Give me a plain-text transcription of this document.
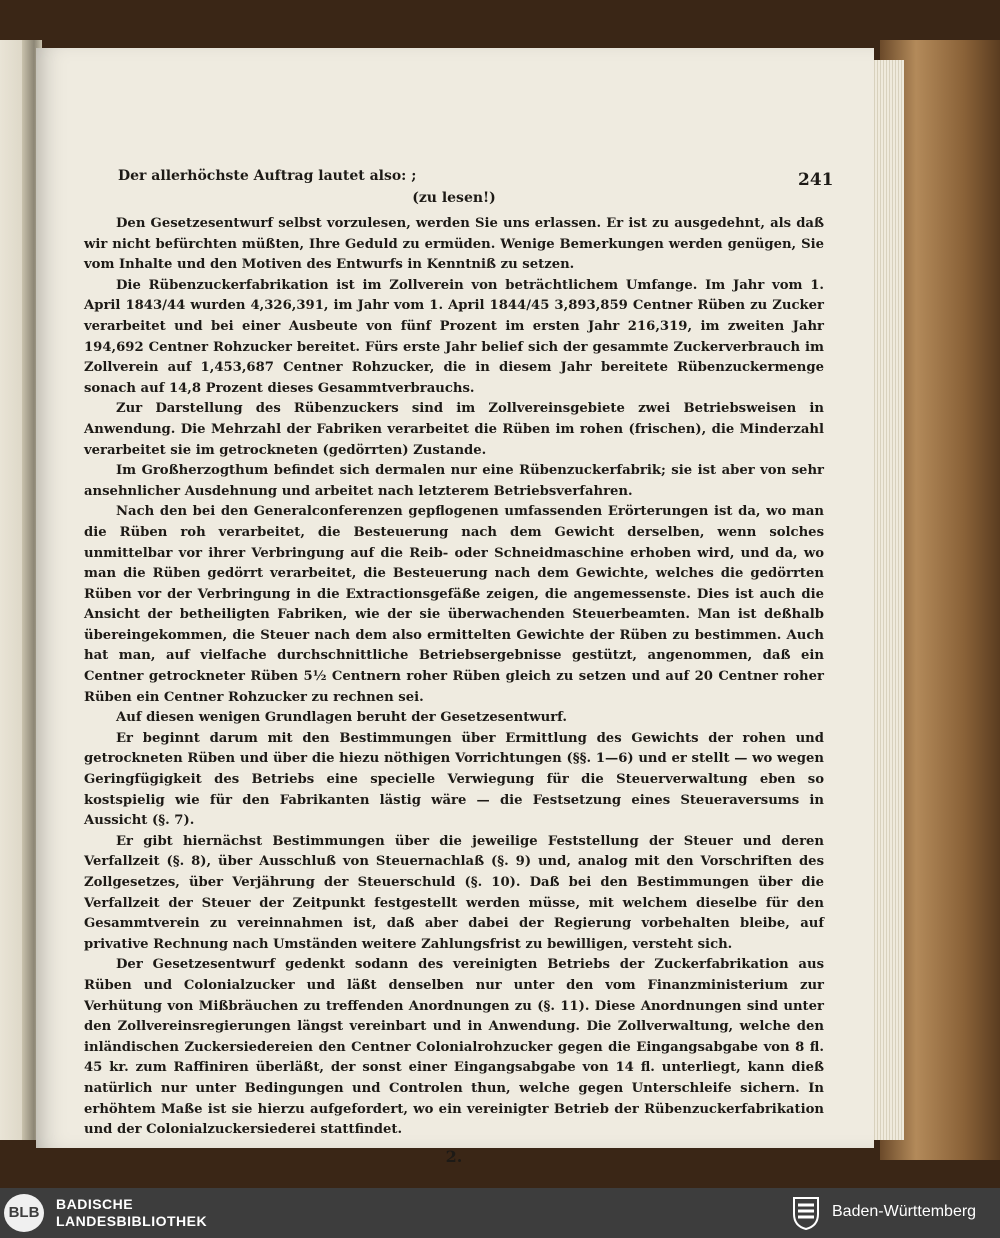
241

Der allerhöchste Auftrag lautet also: ;

(zu lesen!)

Den Gesetzesentwurf selbst vorzulesen, werden Sie uns erlassen. Er ist zu ausgedehnt, als daß wir nicht befürchten müßten, Ihre Geduld zu ermüden. Wenige Bemerkungen werden genügen, Sie vom Inhalte und den Motiven des Entwurfs in Kenntniß zu setzen.

Die Rübenzuckerfabrikation ist im Zollverein von beträchtlichem Umfange. Im Jahr vom 1. April 1843/44 wurden 4,326,391, im Jahr vom 1. April 1844/45 3,893,859 Centner Rüben zu Zucker verarbeitet und bei einer Ausbeute von fünf Prozent im ersten Jahr 216,319, im zweiten Jahr 194,692 Centner Rohzucker bereitet. Fürs erste Jahr belief sich der gesammte Zuckerverbrauch im Zollverein auf 1,453,687 Centner Rohzucker, die in diesem Jahr bereitete Rübenzuckermenge sonach auf 14,8 Prozent dieses Gesammtverbrauchs.

Zur Darstellung des Rübenzuckers sind im Zollvereinsgebiete zwei Betriebsweisen in Anwendung. Die Mehrzahl der Fabriken verarbeitet die Rüben im rohen (frischen), die Minderzahl verarbeitet sie im getrockneten (gedörrten) Zustande.

Im Großherzogthum befindet sich dermalen nur eine Rübenzuckerfabrik; sie ist aber von sehr ansehnlicher Ausdehnung und arbeitet nach letzterem Betriebsverfahren.

Nach den bei den Generalconferenzen gepflogenen umfassenden Erörterungen ist da, wo man die Rüben roh verarbeitet, die Besteuerung nach dem Gewicht derselben, wenn solches unmittelbar vor ihrer Verbringung auf die Reib- oder Schneidmaschine erhoben wird, und da, wo man die Rüben gedörrt verarbeitet, die Besteuerung nach dem Gewichte, welches die gedörrten Rüben vor der Verbringung in die Extractionsgefäße zeigen, die angemessenste. Dies ist auch die Ansicht der betheiligten Fabriken, wie der sie überwachenden Steuerbeamten. Man ist deßhalb übereingekommen, die Steuer nach dem also ermittelten Gewichte der Rüben zu bestimmen. Auch hat man, auf vielfache durchschnittliche Betriebsergebnisse gestützt, angenommen, daß ein Centner getrockneter Rüben 5½ Centnern roher Rüben gleich zu setzen und auf 20 Centner roher Rüben ein Centner Rohzucker zu rechnen sei.

Auf diesen wenigen Grundlagen beruht der Gesetzesentwurf.

Er beginnt darum mit den Bestimmungen über Ermittlung des Gewichts der rohen und getrockneten Rüben und über die hiezu nöthigen Vorrichtungen (§§. 1—6) und er stellt — wo wegen Geringfügigkeit des Betriebs eine specielle Verwiegung für die Steuerverwaltung eben so kostspielig wie für den Fabrikanten lästig wäre — die Festsetzung eines Steueraversums in Aussicht (§. 7).

Er gibt hiernächst Bestimmungen über die jeweilige Feststellung der Steuer und deren Verfallzeit (§. 8), über Ausschluß von Steuernachlaß (§. 9) und, analog mit den Vorschriften des Zollgesetzes, über Verjährung der Steuerschuld (§. 10). Daß bei den Bestimmungen über die Verfallzeit der Steuer der Zeitpunkt festgestellt werden müsse, mit welchem dieselbe für den Gesammtverein zu vereinnahmen ist, daß aber dabei der Regierung vorbehalten bleibe, auf privative Rechnung nach Umständen weitere Zahlungsfrist zu bewilligen, versteht sich.

Der Gesetzesentwurf gedenkt sodann des vereinigten Betriebs der Zuckerfabrikation aus Rüben und Colonialzucker und läßt denselben nur unter den vom Finanzministerium zur Verhütung von Mißbräuchen zu treffenden Anordnungen zu (§. 11). Diese Anordnungen sind unter den Zollvereinsregierungen längst vereinbart und in Anwendung. Die Zollverwaltung, welche den inländischen Zuckersiedereien den Centner Colonialrohzucker gegen die Eingangsabgabe von 8 fl. 45 kr. zum Raffiniren überläßt, der sonst einer Eingangsabgabe von 14 fl. unterliegt, kann dieß natürlich nur unter Bedingungen und Controlen thun, welche gegen Unterschleife sichern. In erhöhtem Maße ist sie hierzu aufgefordert, wo ein vereinigter Betrieb der Rübenzuckerfabrikation und der Colonialzuckersiederei stattfindet.

2.
BLB	BADISCHE
LANDESBIBLIOTHEK
Baden-Württemberg
